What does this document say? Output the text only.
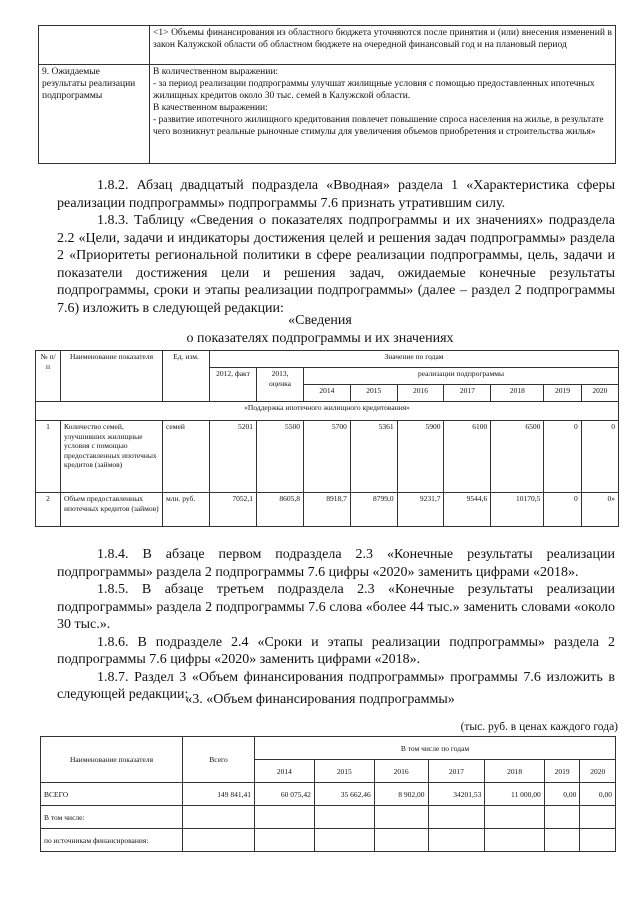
	<1> Объемы финансирования из областного бюджета уточняются после принятия и (или) внесения изменений в закон Калужской области об областном бюджете на очередной финансовый год и на плановый период
9. Ожидаемые результаты реализации подпрограммы	В количественном выражении:
- за период реализации подпрограммы улучшат жилищные условия с помощью предоставленных ипотечных жилищных кредитов около 30 тыс. семей в Калужской области.
В качественном выражении:
- развитие ипотечного жилищного кредитования повлечет повышение спроса населения на жилье, в результате чего возникнут реальные рыночные стимулы для увеличения объемов приобретения и строительства жилья»
1.8.2. Абзац двадцатый подраздела «Вводная» раздела 1 «Характеристика сферы реализации подпрограммы» подпрограммы 7.6 признать утратившим силу.
1.8.3. Таблицу «Сведения о показателях подпрограммы и их значениях» подраздела 2.2 «Цели, задачи и индикаторы достижения целей и решения задач подпрограммы» раздела 2 «Приоритеты региональной политики в сфере реализации подпрограммы, цель, задачи и показатели достижения цели и решения задач, ожидаемые конечные результаты подпрограммы, сроки и этапы реализации подпрограммы» (далее – раздел 2 подпрограммы 7.6) изложить в следующей редакции:
«Сведения
о показателях подпрограммы и их значениях
№ п/п	Наименование показателя	Ед. изм.	Значение по годам								
			2012, факт	2013, оценка	реализации подпрограммы						
					2014	2015	2016	2017	2018	2019	2020
«Поддержка ипотечного жилищного кредитования»											
1	Количество семей, улучшивших жилищные условия с помощью предоставленных ипотечных кредитов (займов)	семей	5201	5500	5700	5361	5900	6100	6500	0	0
2	Объем предоставленных ипотечных кредитов (займов)	млн. руб.	7052,1	8605,8	8918,7	8799,0	9231,7	9544,6	10170,5	0	0»
1.8.4. В абзаце первом подраздела 2.3 «Конечные результаты реализации подпрограммы» раздела 2 подпрограммы 7.6 цифры «2020» заменить цифрами «2018».
1.8.5. В абзаце третьем подраздела 2.3 «Конечные результаты реализации подпрограммы» раздела 2 подпрограммы 7.6 слова «более 44 тыс.» заменить словами «около 30 тыс.».
1.8.6. В подразделе 2.4 «Сроки и этапы реализации подпрограммы» раздела 2 подпрограммы 7.6 цифры «2020» заменить цифрами «2018».
1.8.7. Раздел 3 «Объем финансирования подпрограммы» программы 7.6 изложить в следующей редакции:
«3. «Объем финансирования подпрограммы»
(тыс. руб. в ценах каждого года)
Наименование показателя	Всего	В том числе по годам						
		2014	2015	2016	2017	2018	2019	2020
ВСЕГО	149 841,41	60 075,42	35 662,46	8 902,00	34201,53	11 000,00	0,00	0,00
В том числе:								
по источникам финансирования:								
